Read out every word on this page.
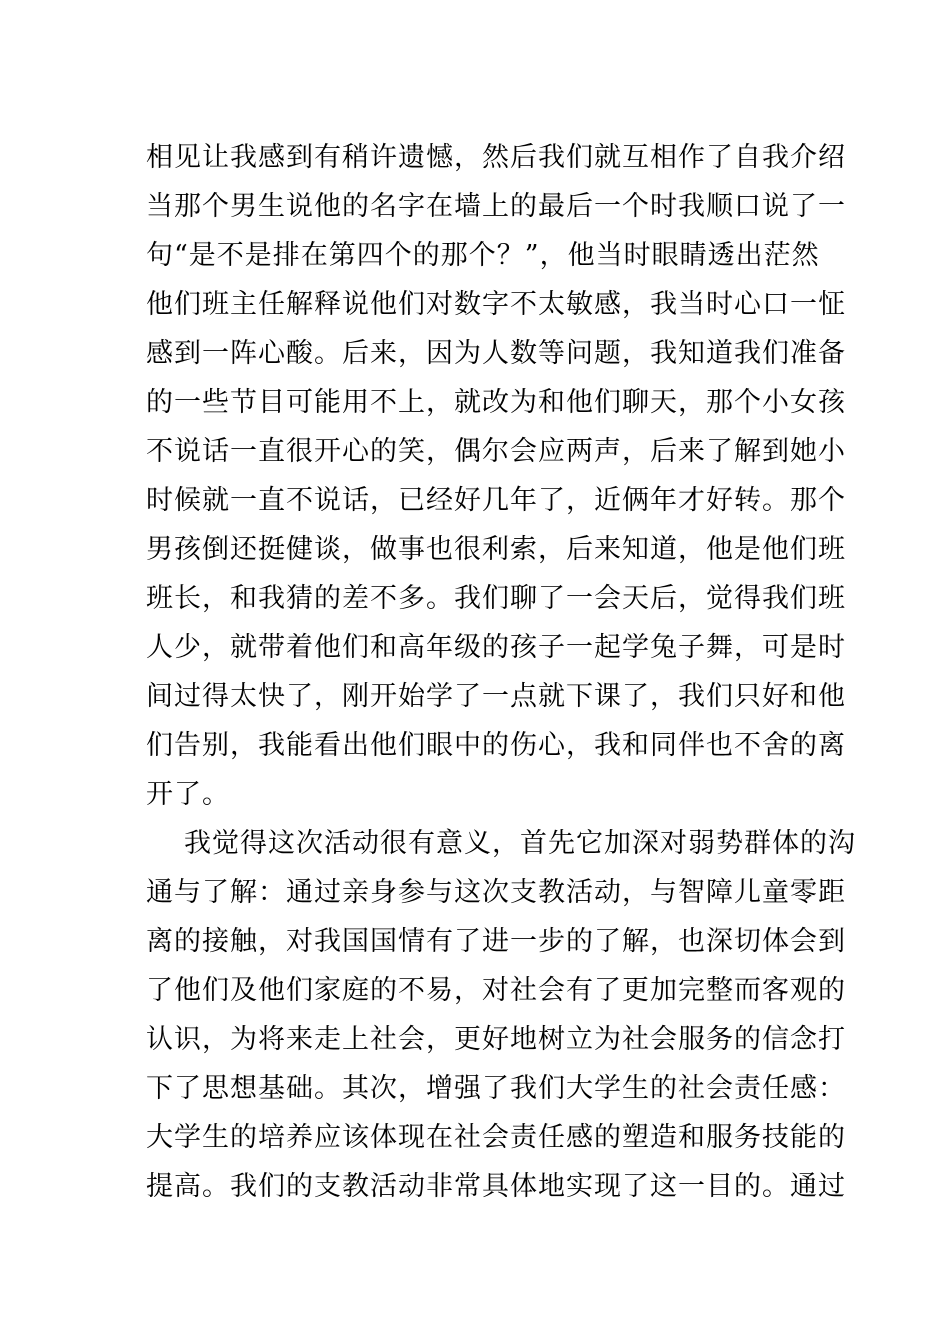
相见让我感到有稍许遗憾，然后我们就互相作了自我介绍
当那个男生说他的名字在墙上的最后一个时我顺口说了一
句“是不是排在第四个的那个？”，他当时眼睛透出茫然
他们班主任解释说他们对数字不太敏感，我当时心口一怔
感到一阵心酸。后来，因为人数等问题，我知道我们准备
的一些节目可能用不上，就改为和他们聊天，那个小女孩
不说话一直很开心的笑，偶尔会应两声，后来了解到她小
时候就一直不说话，已经好几年了，近俩年才好转。那个
男孩倒还挺健谈，做事也很利索，后来知道，他是他们班
班长，和我猜的差不多。我们聊了一会天后，觉得我们班
人少，就带着他们和高年级的孩子一起学兔子舞，可是时
间过得太快了，刚开始学了一点就下课了，我们只好和他
们告别，我能看出他们眼中的伤心，我和同伴也不舍的离
开了。
我觉得这次活动很有意义，首先它加深对弱势群体的沟
通与了解：通过亲身参与这次支教活动，与智障儿童零距
离的接触，对我国国情有了进一步的了解，也深切体会到
了他们及他们家庭的不易，对社会有了更加完整而客观的
认识，为将来走上社会，更好地树立为社会服务的信念打
下了思想基础。其次，增强了我们大学生的社会责任感：
大学生的培养应该体现在社会责任感的塑造和服务技能的
提高。我们的支教活动非常具体地实现了这一目的。通过
